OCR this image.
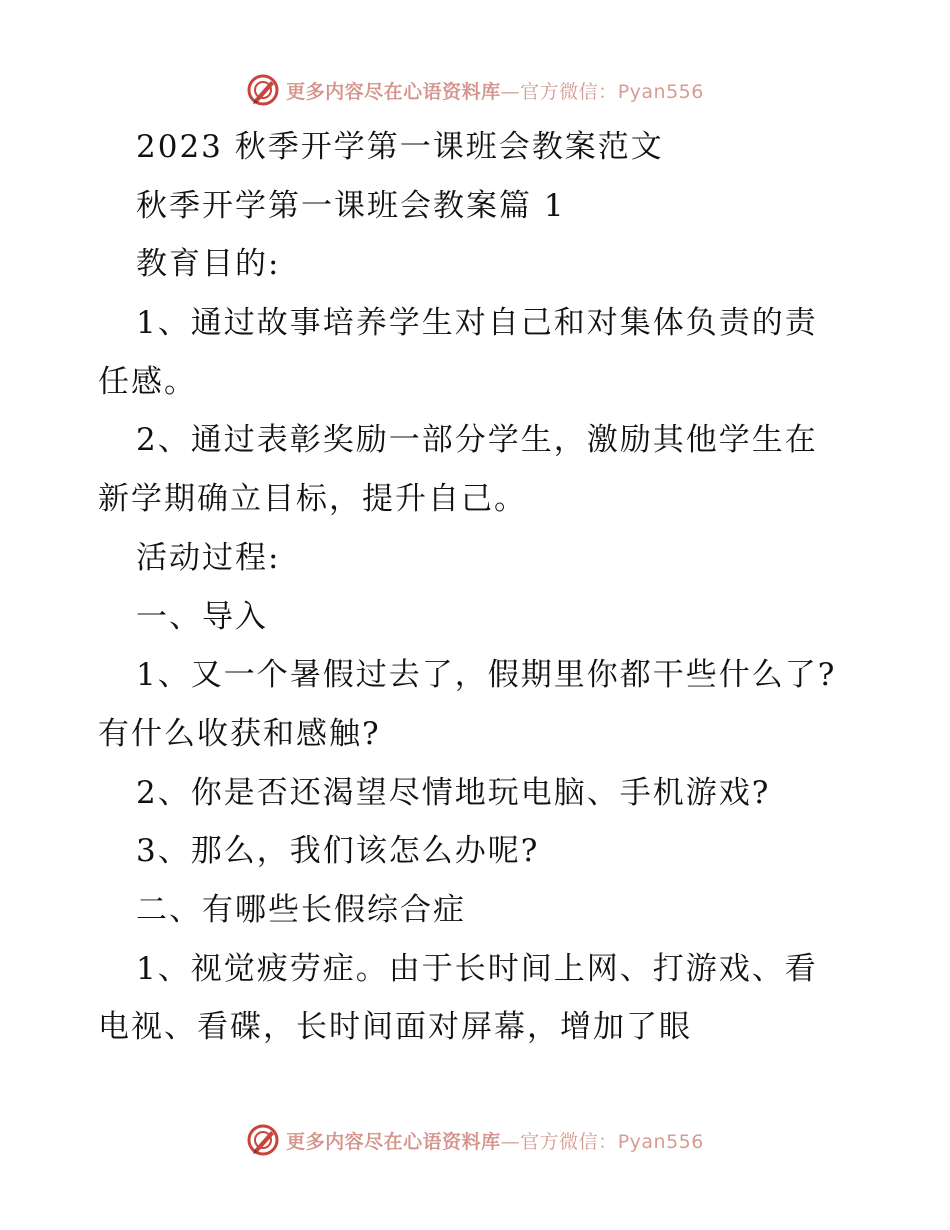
更多内容尽在心语资料库—官方微信：Pyan556
2023 秋季开学第一课班会教案范文
秋季开学第一课班会教案篇 1
教育目的:
1、通过故事培养学生对自己和对集体负责的责
任感。
2、通过表彰奖励一部分学生，激励其他学生在
新学期确立目标，提升自己。
活动过程:
一、导入
1、又一个暑假过去了，假期里你都干些什么了?
有什么收获和感触?
2、你是否还渴望尽情地玩电脑、手机游戏?
3、那么，我们该怎么办呢?
二、有哪些长假综合症
1、视觉疲劳症。由于长时间上网、打游戏、看
电视、看碟，长时间面对屏幕，增加了眼
更多内容尽在心语资料库—官方微信：Pyan556
